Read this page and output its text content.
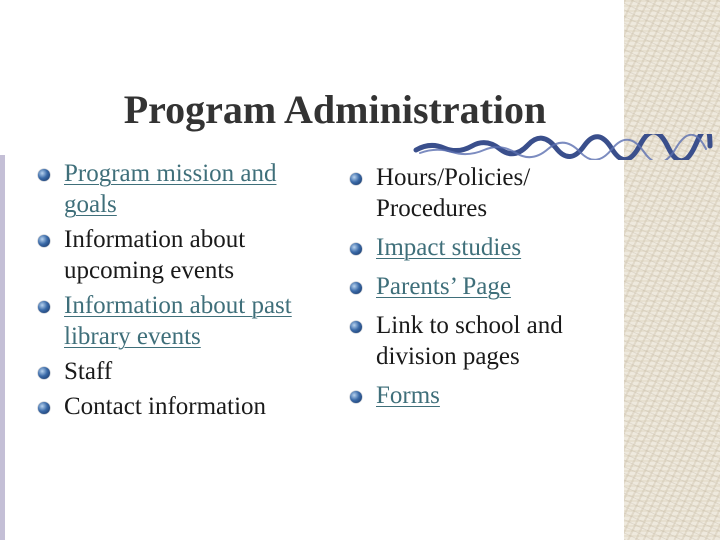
Program Administration
Program mission and goals
Information about upcoming events
Information about past library events
Staff
Contact information
Hours/Policies/ Procedures
Impact studies
Parents’ Page
Link to school and division pages
Forms
